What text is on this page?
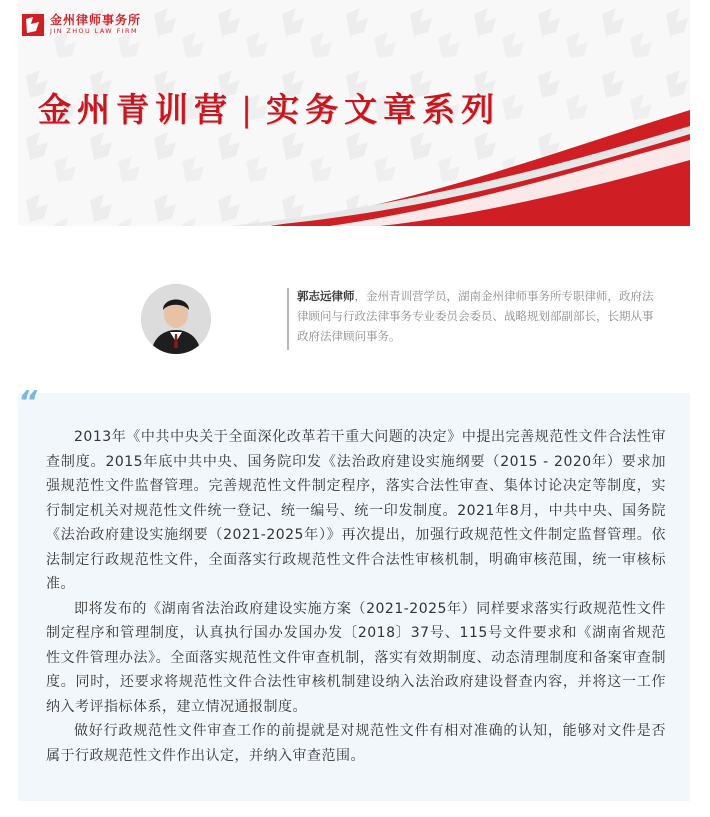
金州律师事务所
JIN ZHOU LAW FIRM
金州青训营 | 实务文章系列
郭志远律师，金州青训营学员，湖南金州律师事务所专职律师，政府法律顾问与行政法律事务专业委员会委员、战略规划部副部长，长期从事政府法律顾问事务。
“

2013年《中共中央关于全面深化改革若干重大问题的决定》中提出完善规范性文件合法性审查制度。2015年底中共中央、国务院印发《法治政府建设实施纲要（2015 - 2020年）要求加强规范性文件监督管理。完善规范性文件制定程序，落实合法性审查、集体讨论决定等制度，实行制定机关对规范性文件统一登记、统一编号、统一印发制度。2021年8月，中共中央、国务院《法治政府建设实施纲要（2021-2025年）》再次提出，加强行政规范性文件制定监督管理。依法制定行政规范性文件，全面落实行政规范性文件合法性审核机制，明确审核范围，统一审核标准。

即将发布的《湖南省法治政府建设实施方案（2021-2025年）同样要求落实行政规范性文件制定程序和管理制度，认真执行国办发国办发〔2018〕37号、115号文件要求和《湖南省规范性文件管理办法》。全面落实规范性文件审查机制，落实有效期制度、动态清理制度和备案审查制度。同时，还要求将规范性文件合法性审核机制建设纳入法治政府建设督查内容，并将这一工作纳入考评指标体系，建立情况通报制度。

做好行政规范性文件审查工作的前提就是对规范性文件有相对准确的认知，能够对文件是否属于行政规范性文件作出认定，并纳入审查范围。
